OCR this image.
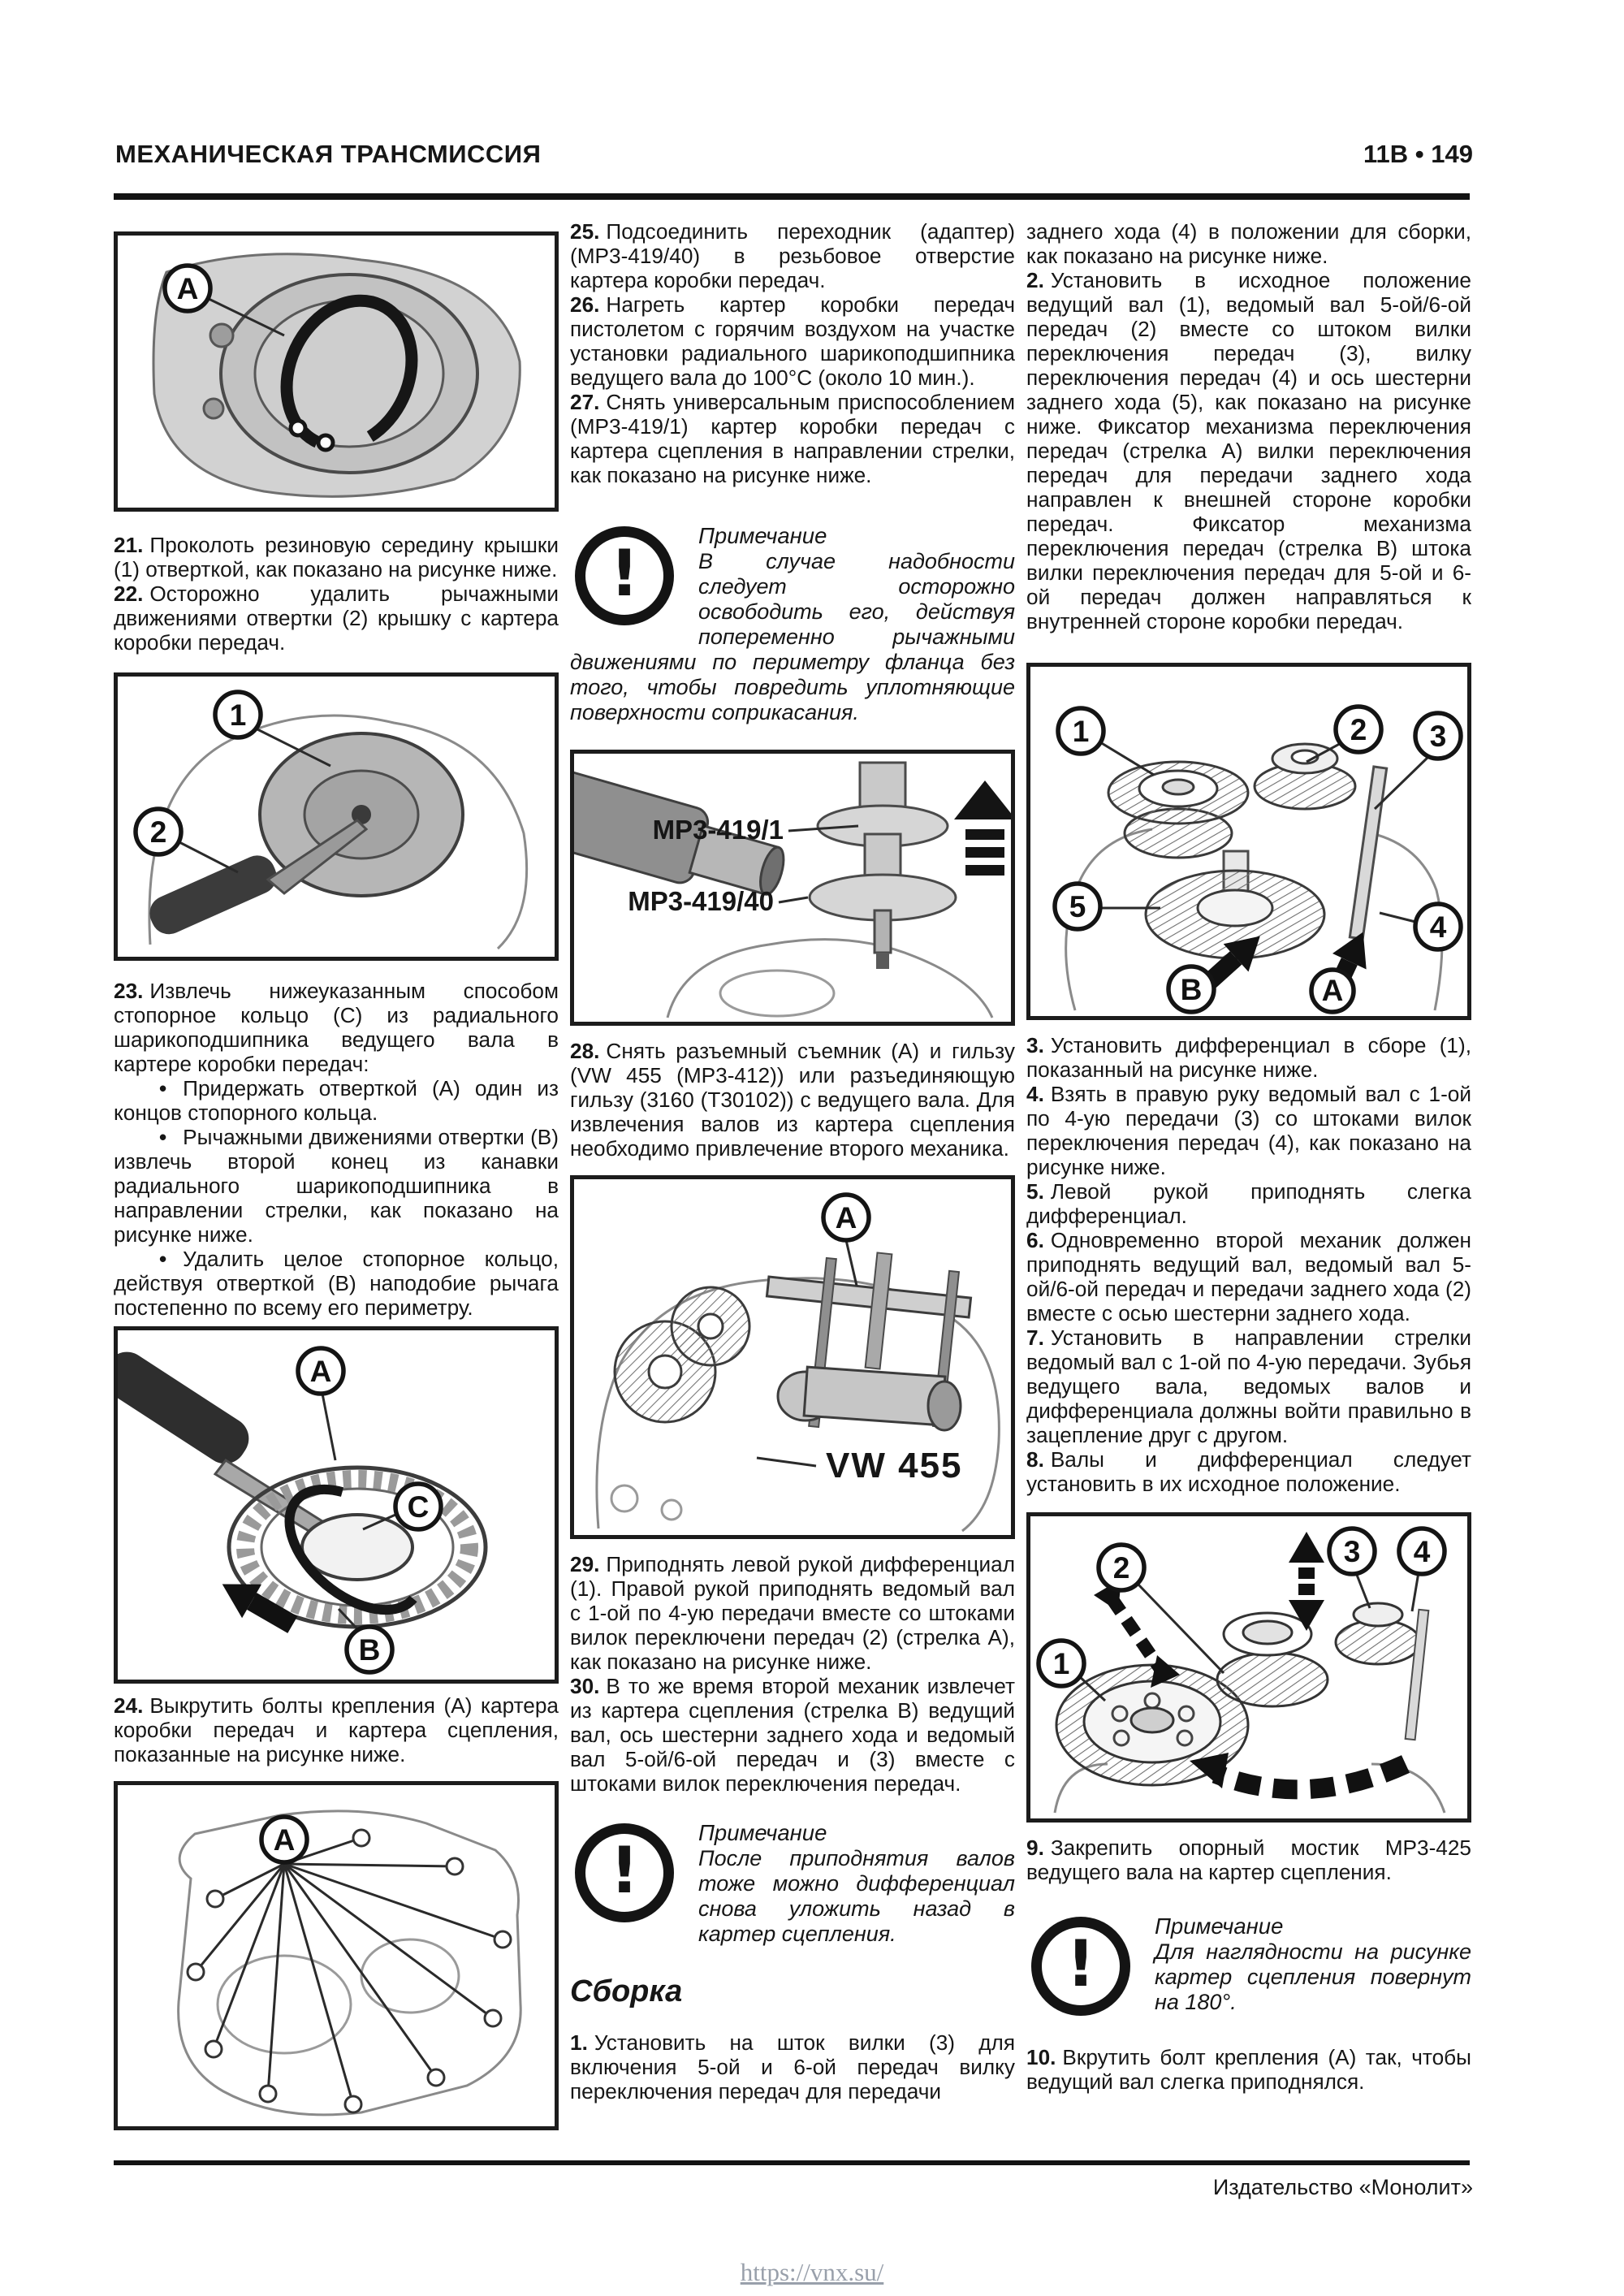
МЕХАНИЧЕСКАЯ ТРАНСМИССИЯ	11В • 149
A

21. Проколоть резиновую середину крышки (1) отверткой, как показано на рисунке ниже.

22. Осторожно удалить рычажными движениями отвертки (2) крышку с картера коробки передач.

1
2

23. Извлечь нижеуказанным способом стопорное кольцо (С) из радиального шарикоподшипника ведущего вала в картере коробки передач:

• Придержать отверткой (А) один из концов стопорного кольца.

• Рычажными движениями отвертки (В) извлечь второй конец из канавки радиального шарикоподшипника в направлении стрелки, как показано на рисунке ниже.

• Удалить целое стопорное кольцо, действуя отверткой (В) наподобие рычага постепенно по всему его периметру.

A
C
B

24. Выкрутить болты крепления (А) картера коробки передач и картера сцепления, показанные на рисунке ниже.

A

25. Подсоединить переходник (адаптер) (МР3-419/40) в резьбовое отверстие картера коробки передач.

26. Нагреть картер коробки передач пистолетом с горячим воздухом на участке установки радиального шарикоподшипника ведущего вала до 100°С (около 10 мин.).

27. Снять универсальным приспособлением (МР3-419/1) картер коробки передач с картера сцепления в направлении стрелки, как показано на рисунке ниже.

!
Примечание
В случае надобности следует осторожно освободить его, действуя попеременно рычажными движениями по периметру фланца без того, чтобы повредить уплотняющие поверхности соприкасания.
MP3-419/1
MP3-419/40

28. Снять разъемный съемник (А) и гильзу (VW 455 (МР3-412)) или разъединяющую гильзу (3160 (Т30102)) с ведущего вала. Для извлечения валов из картера сцепления необходимо привлечение второго механика.

A
VW 455

29. Приподнять левой рукой дифференциал (1). Правой рукой приподнять ведомый вал с 1-ой по 4-ую передачи вместе со штоками вилок переключени передач (2) (стрелка А), как показано на рисунке ниже.

30. В то же время второй механик извлечет из картера сцепления (стрелка В) ведущий вал, ось шестерни заднего хода и ведомый вал 5-ой/6-ой передач и (3) вместе с штоками вилок переключения передач.

!
Примечание
После приподнятия валов тоже можно дифференциал снова уложить назад в картер сцепления.
Сборка

1. Установить на шток вилки (3) для включения 5-ой и 6-ой передач вилку переключения передач для передачи

заднего хода (4) в положении для сборки, как показано на рисунке ниже.

2. Установить в исходное положение ведущий вал (1), ведомый вал 5-ой/6-ой передач (2) вместе со штоком вилки переключения передач (3), вилку переключения передач (4) и ось шестерни заднего хода (5), как показано на рисунке ниже. Фиксатор механизма переключения передач (стрелка А) вилки переключения передач для передачи заднего хода направлен к внешней стороне коробки передач. Фиксатор механизма переключения передач (стрелка В) штока вилки переключения передач для 5-ой и 6-ой передач должен направляться к внутренней стороне коробки передач.

1	2 3
5
4
B	A

3. Установить дифференциал в сборе (1), показанный на рисунке ниже.

4. Взять в правую руку ведомый вал с 1-ой по 4-ую передачи (3) со штоками вилок переключения передач (4), как показано на рисунке ниже.

5. Левой рукой приподнять слегка дифференциал.

6. Одновременно второй механик должен приподнять ведущий вал, ведомый вал 5-ой/6-ой передач и передачи заднего хода (2) вместе с осью шестерни заднего хода.

7. Установить в направлении стрелки ведомый вал с 1-ой по 4-ую передачи. Зубья ведущего вала, ведомых валов и дифференциала должны войти правильно в зацепление друг с другом.

8. Валы и дифференциал следует установить в их исходное положение.

2	3 4
1

9. Закрепить опорный мостик МР3-425 ведущего вала на картер сцепления.

!
Примечание
Для наглядности на рисунке картер сцепления повернут на 180°.

10. Вкрутить болт крепления (А) так, чтобы ведущий вал слегка приподнялся.

Издательство «Монолит»
https://vnx.su/
